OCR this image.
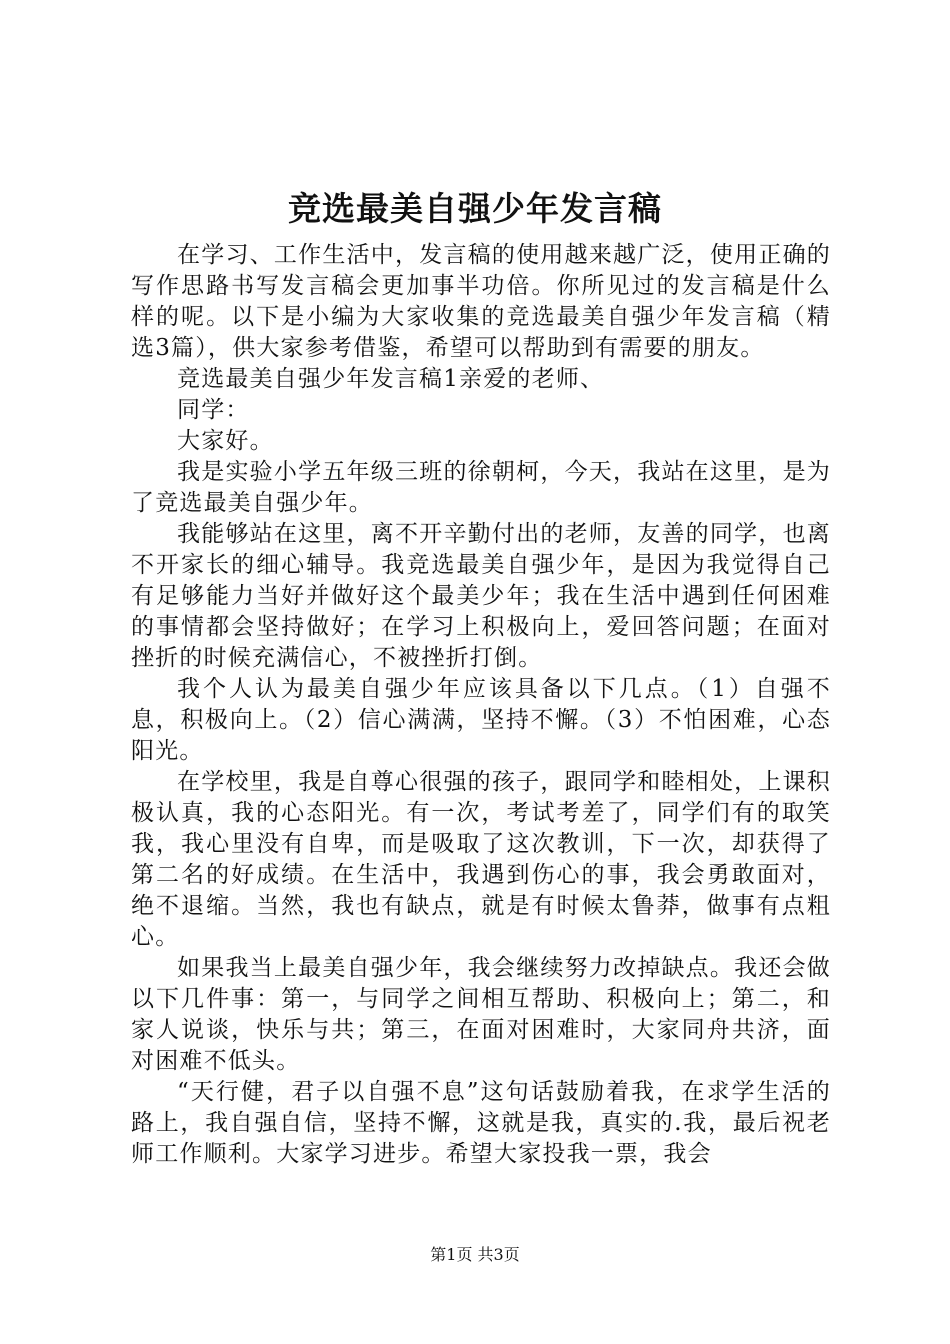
竞选最美自强少年发言稿

在学习、工作生活中，发言稿的使用越来越广泛，使用正确的写作思路书写发言稿会更加事半功倍。你所见过的发言稿是什么样的呢。以下是小编为大家收集的竞选最美自强少年发言稿（精选3篇），供大家参考借鉴，希望可以帮助到有需要的朋友。

竞选最美自强少年发言稿1亲爱的老师、

同学：

大家好。

我是实验小学五年级三班的徐朝柯，今天，我站在这里，是为了竞选最美自强少年。

我能够站在这里，离不开辛勤付出的老师，友善的同学，也离不开家长的细心辅导。我竞选最美自强少年，是因为我觉得自己有足够能力当好并做好这个最美少年；我在生活中遇到任何困难的事情都会坚持做好；在学习上积极向上，爱回答问题；在面对挫折的时候充满信心，不被挫折打倒。

我个人认为最美自强少年应该具备以下几点。（1）自强不息，积极向上。（2）信心满满，坚持不懈。（3）不怕困难，心态阳光。

在学校里，我是自尊心很强的孩子，跟同学和睦相处，上课积极认真，我的心态阳光。有一次，考试考差了，同学们有的取笑我，我心里没有自卑，而是吸取了这次教训，下一次，却获得了第二名的好成绩。在生活中，我遇到伤心的事，我会勇敢面对，绝不退缩。当然，我也有缺点，就是有时候太鲁莽，做事有点粗心。

如果我当上最美自强少年，我会继续努力改掉缺点。我还会做以下几件事：第一，与同学之间相互帮助、积极向上；第二，和家人说谈，快乐与共；第三，在面对困难时，大家同舟共济，面对困难不低头。

“天行健，君子以自强不息”这句话鼓励着我，在求学生活的路上，我自强自信，坚持不懈，这就是我，真实的.我，最后祝老师工作顺利。大家学习进步。希望大家投我一票，我会

第1页 共3页
